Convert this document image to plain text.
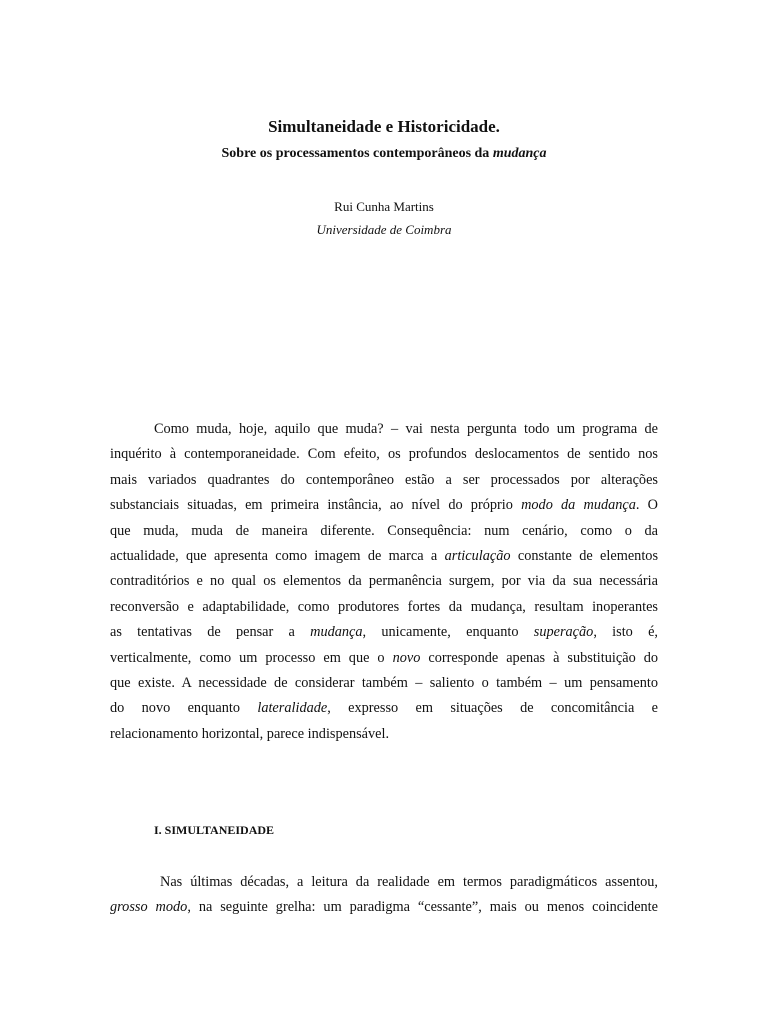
Simultaneidade e Historicidade.
Sobre os processamentos contemporâneos da mudança
Rui Cunha Martins
Universidade de Coimbra
Como muda, hoje, aquilo que muda? – vai nesta pergunta todo um programa de
inquérito à contemporaneidade. Com efeito, os profundos deslocamentos de sentido nos
mais variados quadrantes do contemporâneo estão a ser processados por alterações
substanciais situadas, em primeira instância, ao nível do próprio modo da mudança. O
que muda, muda de maneira diferente. Consequência: num cenário, como o da
actualidade, que apresenta como imagem de marca a articulação constante de elementos
contraditórios e no qual os elementos da permanência surgem, por via da sua necessária
reconversão e adaptabilidade, como produtores fortes da mudança, resultam inoperantes
as tentativas de pensar a mudança, unicamente, enquanto superação, isto é,
verticalmente, como um processo em que o novo corresponde apenas à substituição do
que existe. A necessidade de considerar também – saliento o também – um pensamento
do novo enquanto lateralidade, expresso em situações de concomitância e
relacionamento horizontal, parece indispensável.
I. SIMULTANEIDADE
Nas últimas décadas, a leitura da realidade em termos paradigmáticos assentou,
grosso modo, na seguinte grelha: um paradigma “cessante”, mais ou menos coincidente
